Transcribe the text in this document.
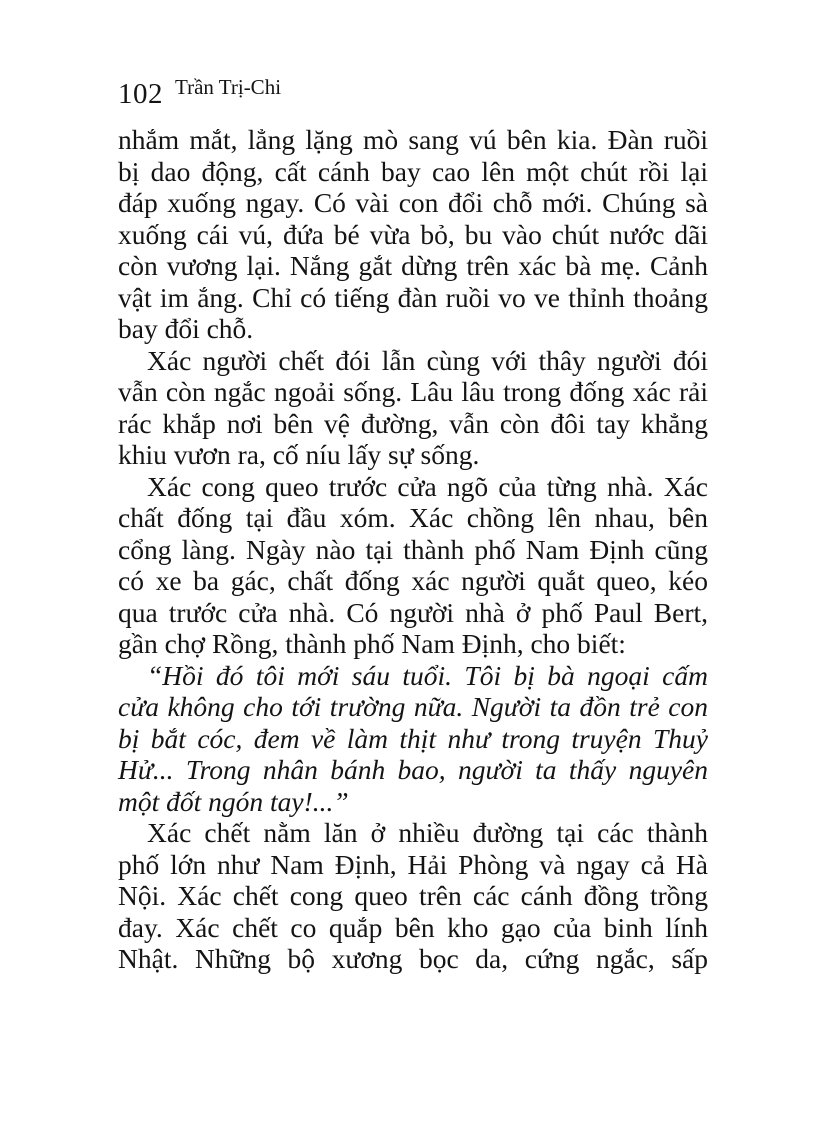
102 Trần Trị-Chi

nhắm mắt, lẳng lặng mò sang vú bên kia. Đàn ruồi
bị dao động, cất cánh bay cao lên một chút rồi lại
đáp xuống ngay. Có vài con đổi chỗ mới. Chúng sà
xuống cái vú, đứa bé vừa bỏ, bu vào chút nước dãi
còn vương lại. Nắng gắt dừng trên xác bà mẹ. Cảnh
vật im ắng. Chỉ có tiếng đàn ruồi vo ve thỉnh thoảng
bay đổi chỗ.

Xác người chết đói lẫn cùng với thây người đói
vẫn còn ngắc ngoải sống. Lâu lâu trong đống xác rải
rác khắp nơi bên vệ đường, vẫn còn đôi tay khẳng
khiu vươn ra, cố níu lấy sự sống.

Xác cong queo trước cửa ngõ của từng nhà. Xác
chất đống tại đầu xóm. Xác chồng lên nhau, bên
cổng làng. Ngày nào tại thành phố Nam Định cũng
có xe ba gác, chất đống xác người quắt queo, kéo
qua trước cửa nhà. Có người nhà ở phố Paul Bert,
gần chợ Rồng, thành phố Nam Định, cho biết:

“Hồi đó tôi mới sáu tuổi. Tôi bị bà ngoại cấm
cửa không cho tới trường nữa. Người ta đồn trẻ con
bị bắt cóc, đem về làm thịt như trong truyện Thuỷ
Hử... Trong nhân bánh bao, người ta thấy nguyên
một đốt ngón tay!...”

Xác chết nằm lăn ở nhiều đường tại các thành
phố lớn như Nam Định, Hải Phòng và ngay cả Hà
Nội. Xác chết cong queo trên các cánh đồng trồng
đay. Xác chết co quắp bên kho gạo của binh lính
Nhật. Những bộ xương bọc da, cứng ngắc, sấp
